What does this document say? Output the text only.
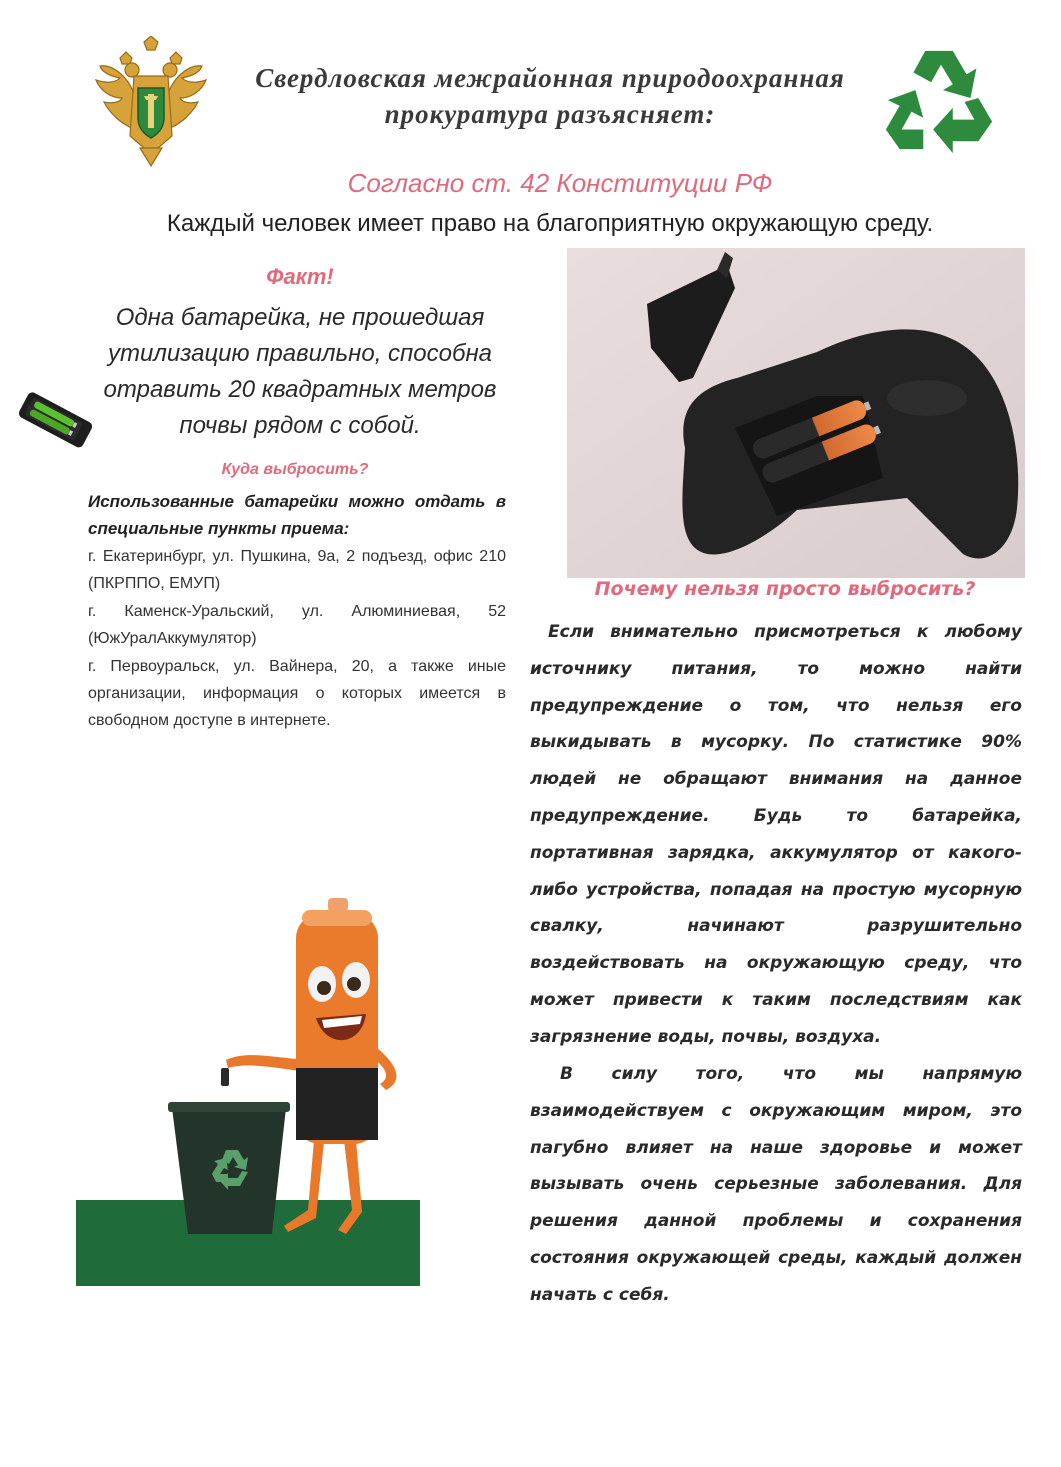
Свердловская межрайонная природоохранная прокуратура разъясняет:
Согласно ст. 42 Конституции РФ
Каждый человек имеет право на благоприятную окружающую среду.
Факт!
Одна батарейка, не прошедшая утилизацию правильно, способна отравить 20 квадратных метров почвы рядом с собой.
Куда выбросить?
Использованные батарейки можно отдать в специальные пункты приема:
г. Екатеринбург, ул. Пушкина, 9а, 2 подъезд, офис 210 (ПКРППО, ЕМУП)
г. Каменск-Уральский, ул. Алюминиевая, 52 (ЮжУралАккумулятор)
г. Первоуральск, ул. Вайнера, 20, а также иные организации, информация о которых имеется в свободном доступе в интернете.
Почему нельзя просто выбросить?
Если внимательно присмотреться к любому источнику питания, то можно найти предупреждение о том, что нельзя его выкидывать в мусорку. По статистике 90% людей не обращают внимания на данное предупреждение. Будь то батарейка, портативная зарядка, аккумулятор от какого-либо устройства, попадая на простую мусорную свалку, начинают разрушительно воздействовать на окружающую среду, что может привести к таким последствиям как загрязнение воды, почвы, воздуха.
В силу того, что мы напрямую взаимодействуем с окружающим миром, это пагубно влияет на наше здоровье и может вызывать очень серьезные заболевания. Для решения данной проблемы и сохранения состояния окружающей среды, каждый должен начать с себя.
